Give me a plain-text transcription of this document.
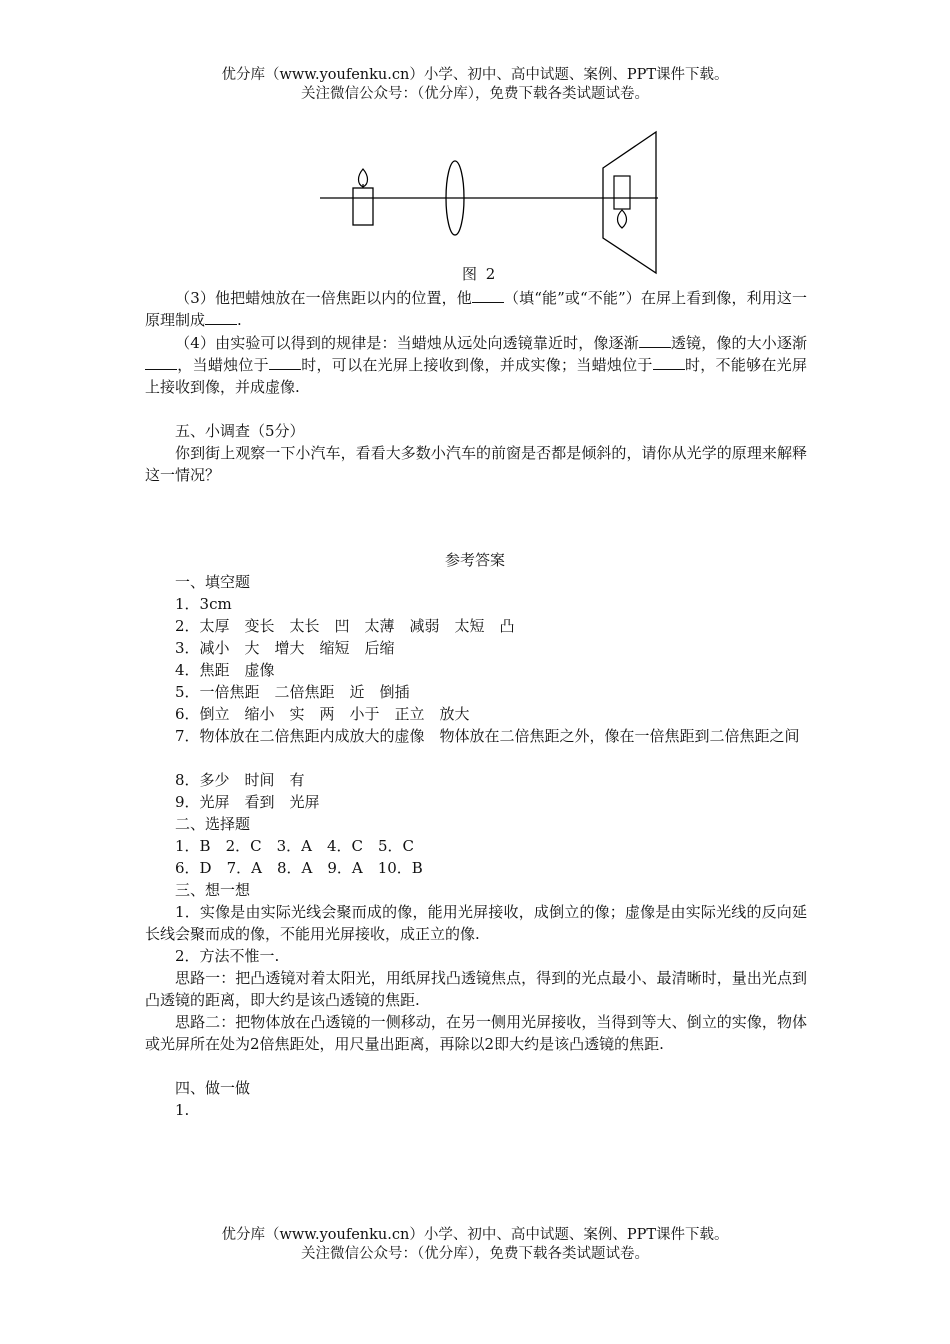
优分库（www.youfenku.cn）小学、初中、高中试题、案例、PPT课件下载。
关注微信公众号：（优分库），免费下载各类试题试卷。
图 2
（3）他把蜡烛放在一倍焦距以内的位置，他 （填“能”或“不能”）在屏上看到像，利用这一原理制成 .
（4）由实验可以得到的规律是：当蜡烛从远处向透镜靠近时，像逐渐 透镜，像的大小逐渐，当蜡烛位于 时，可以在光屏上接收到像，并成实像；当蜡烛位于 时，不能够在光屏上接收到像，并成虚像.
五、小调查（5分）
你到街上观察一下小汽车，看看大多数小汽车的前窗是否都是倾斜的，请你从光学的原理来解释这一情况？
参考答案
一、填空题
1．3cm
2．太厚　变长　太长　凹　太薄　减弱　太短　凸
3．减小　大　增大　缩短　后缩
4．焦距　虚像
5．一倍焦距　二倍焦距　近　倒插
6．倒立　缩小　实　两　小于　正立　放大
7．物体放在二倍焦距内成放大的虚像　物体放在二倍焦距之外，像在一倍焦距到二倍焦距之间
8．多少　时间　有
9．光屏　看到　光屏
二、选择题
1．B　2．C　3．A　4．C　5．C
6．D　7．A　8．A　9．A　10．B
三、想一想
1．实像是由实际光线会聚而成的像，能用光屏接收，成倒立的像；虚像是由实际光线的反向延长线会聚而成的像，不能用光屏接收，成正立的像.
2．方法不惟一.
思路一：把凸透镜对着太阳光，用纸屏找凸透镜焦点，得到的光点最小、最清晰时，量出光点到凸透镜的距离，即大约是该凸透镜的焦距.
思路二：把物体放在凸透镜的一侧移动，在另一侧用光屏接收，当得到等大、倒立的实像，物体或光屏所在处为2倍焦距处，用尺量出距离，再除以2即大约是该凸透镜的焦距.
四、做一做
1.
优分库（www.youfenku.cn）小学、初中、高中试题、案例、PPT课件下载。
关注微信公众号：（优分库），免费下载各类试题试卷。
